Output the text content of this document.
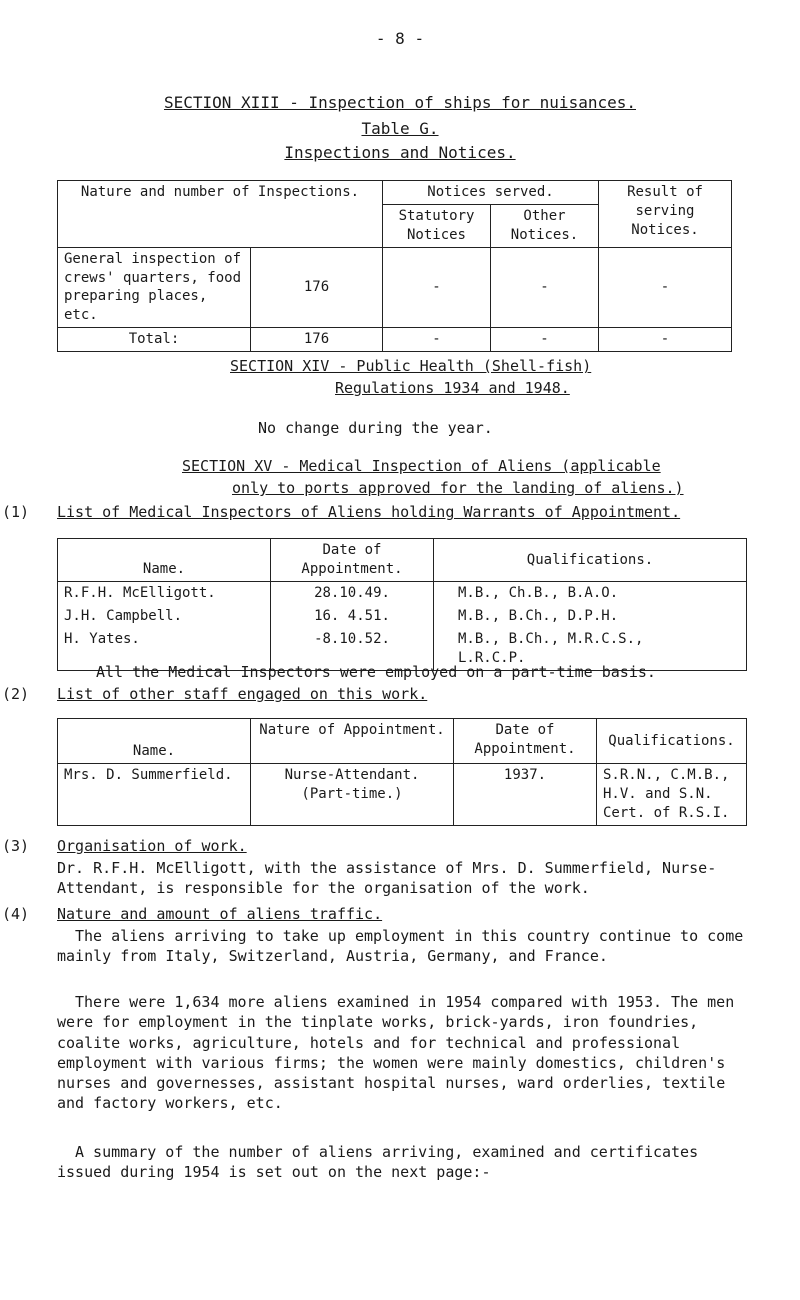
- 8 -
SECTION XIII - Inspection of ships for nuisances.
Table G.
Inspections and Notices.
Nature and number of Inspections.		Notices served.		Result of serving Notices.
		Statutory Notices	Other Notices.	
General inspection of crews' quarters, food preparing places, etc.	176	-	-	-
Total:	176	-	-	-
SECTION XIV - Public Health (Shell-fish)
Regulations 1934 and 1948.
No change during the year.
SECTION XV - Medical Inspection of Aliens (applicable
only to ports approved for the landing of aliens.)
(1) List of Medical Inspectors of Aliens holding Warrants of Appointment.
Name.	Date of Appointment.	Qualifications.
R.F.H. McElligott.	28.10.49.	M.B., Ch.B., B.A.O.
J.H. Campbell.	16. 4.51.	M.B., B.Ch., D.P.H.
H. Yates.	-8.10.52.	M.B., B.Ch., M.R.C.S., L.R.C.P.
All the Medical Inspectors were employed on a part-time basis.
(2) List of other staff engaged on this work.
Name.	Nature of Appointment.	Date of Appointment.	Qualifications.
Mrs. D. Summerfield.	Nurse-Attendant. (Part-time.)	1937.	S.R.N., C.M.B., H.V. and S.N. Cert. of R.S.I.
(3) Organisation of work.
Dr. R.F.H. McElligott, with the assistance of Mrs. D. Summerfield, Nurse-Attendant, is responsible for the organisation of the work.
(4) Nature and amount of aliens traffic.

The aliens arriving to take up employment in this country continue to come mainly from Italy, Switzerland, Austria, Germany, and France.

There were 1,634 more aliens examined in 1954 compared with 1953. The men were for employment in the tinplate works, brick-yards, iron foundries, coalite works, agriculture, hotels and for technical and professional employment with various firms; the women were mainly domestics, children's nurses and governesses, assistant hospital nurses, ward orderlies, textile and factory workers, etc.

A summary of the number of aliens arriving, examined and certificates issued during 1954 is set out on the next page:-
